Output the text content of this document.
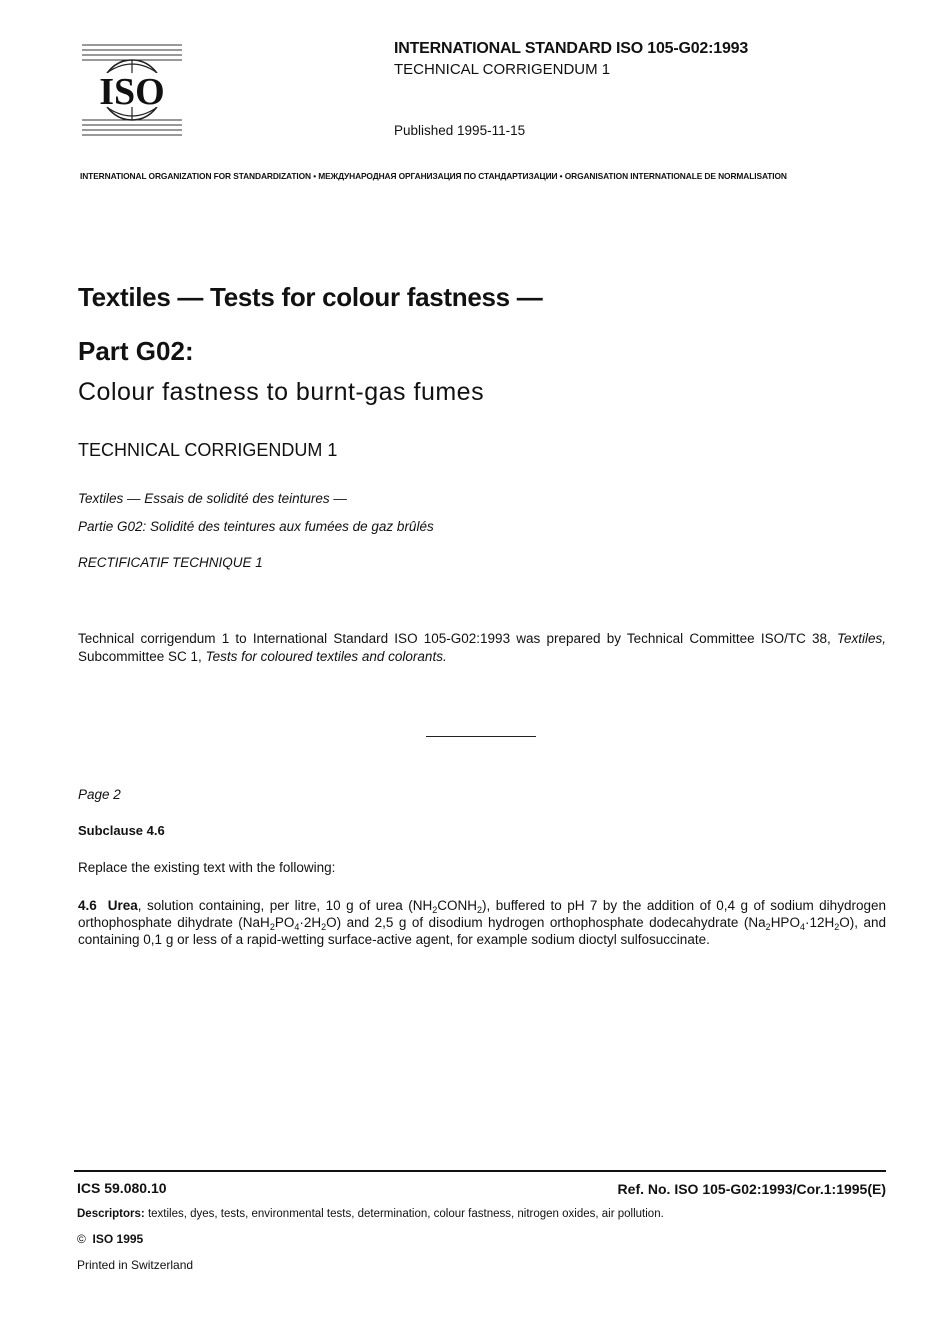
ISO
INTERNATIONAL STANDARD ISO 105-G02:1993
TECHNICAL CORRIGENDUM 1
Published 1995-11-15
INTERNATIONAL ORGANIZATION FOR STANDARDIZATION • МЕЖДУНАРОДНАЯ ОРГАНИЗАЦИЯ ПО СТАНДАРТИЗАЦИИ • ORGANISATION INTERNATIONALE DE NORMALISATION
Textiles — Tests for colour fastness —
Part G02:
Colour fastness to burnt-gas fumes
TECHNICAL CORRIGENDUM 1
Textiles — Essais de solidité des teintures —
Partie G02: Solidité des teintures aux fumées de gaz brûlés
RECTIFICATIF TECHNIQUE 1
Technical corrigendum 1 to International Standard ISO 105-G02:1993 was prepared by Technical Committee ISO/TC 38, Textiles, Subcommittee SC 1, Tests for coloured textiles and colorants.
Page 2
Subclause 4.6
Replace the existing text with the following:
4.6 Urea, solution containing, per litre, 10 g of urea $(NH_2CONH_2)$, buffered to pH 7 by the addition of 0,4 g of sodium dihydrogen orthophosphate dihydrate $(NaH_2PO_4\cdot 2H_2O)$ and 2,5 g of disodium hydrogen orthophosphate dodecahydrate $(Na_2HPO_4\cdot 12H_2O)$, and containing 0,1 g or less of a rapid-wetting surface-active agent, for example sodium dioctyl sulfosuccinate.
ICS 59.080.10	Ref. No. ISO 105-G02:1993/Cor.1:1995(E)
Descriptors: textiles, dyes, tests, environmental tests, determination, colour fastness, nitrogen oxides, air pollution.
© ISO 1995
Printed in Switzerland
